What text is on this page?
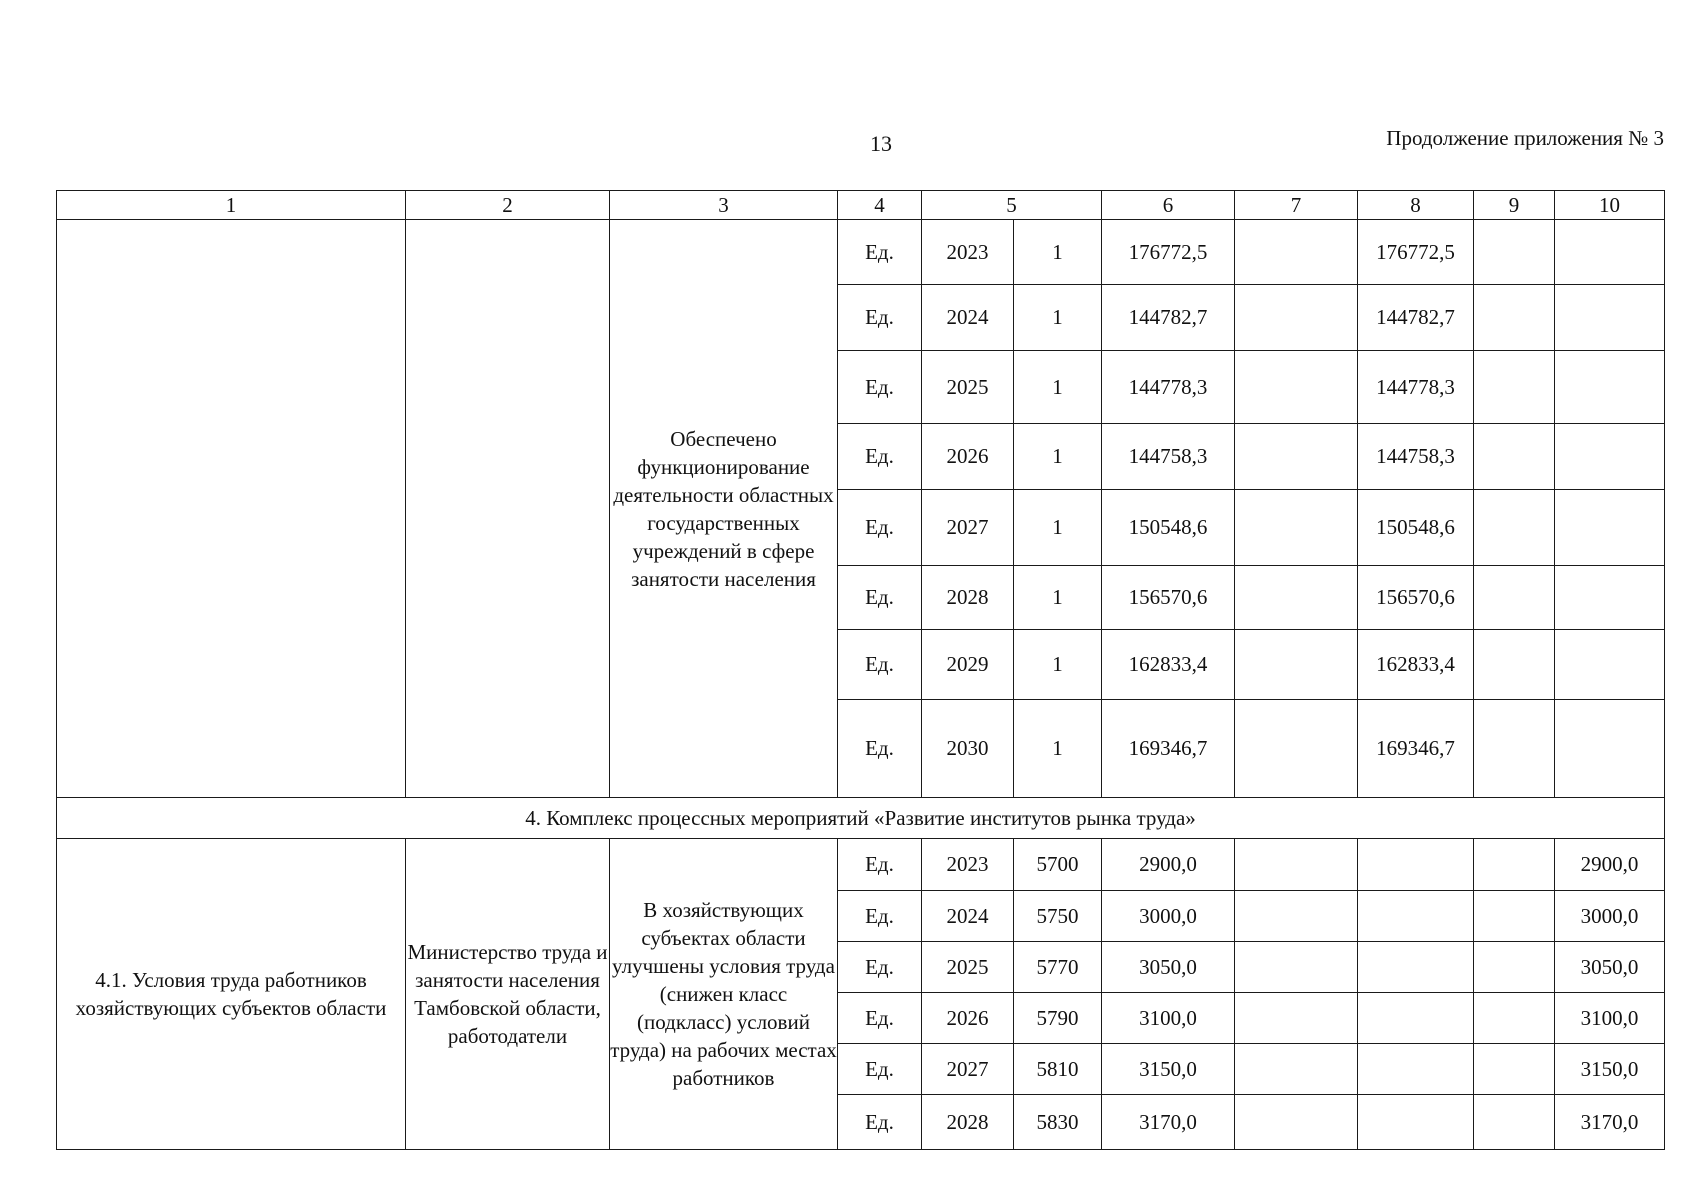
13	Продолжение приложения № 3
1	2	3	4	5		6	7	8	9	10
		Обеспечено функционирование деятельности областных государственных учреждений в сфере занятости населения	Ед.	2023	1	176772,5		176772,5		
			Ед.	2024	1	144782,7		144782,7		
			Ед.	2025	1	144778,3		144778,3		
			Ед.	2026	1	144758,3		144758,3		
			Ед.	2027	1	150548,6		150548,6		
			Ед.	2028	1	156570,6		156570,6		
			Ед.	2029	1	162833,4		162833,4		
			Ед.	2030	1	169346,7		169346,7		
4. Комплекс процессных мероприятий «Развитие институтов рынка труда»										
4.1. Условия труда работников хозяйствующих субъектов области	Министерство труда и занятости населения Тамбовской области, работодатели	В хозяйствующих субъектах области улучшены условия труда (снижен класс (подкласс) условий труда) на рабочих местах работников	Ед.	2023	5700	2900,0				2900,0
			Ед.	2024	5750	3000,0				3000,0
			Ед.	2025	5770	3050,0				3050,0
			Ед.	2026	5790	3100,0				3100,0
			Ед.	2027	5810	3150,0				3150,0
			Ед.	2028	5830	3170,0				3170,0
